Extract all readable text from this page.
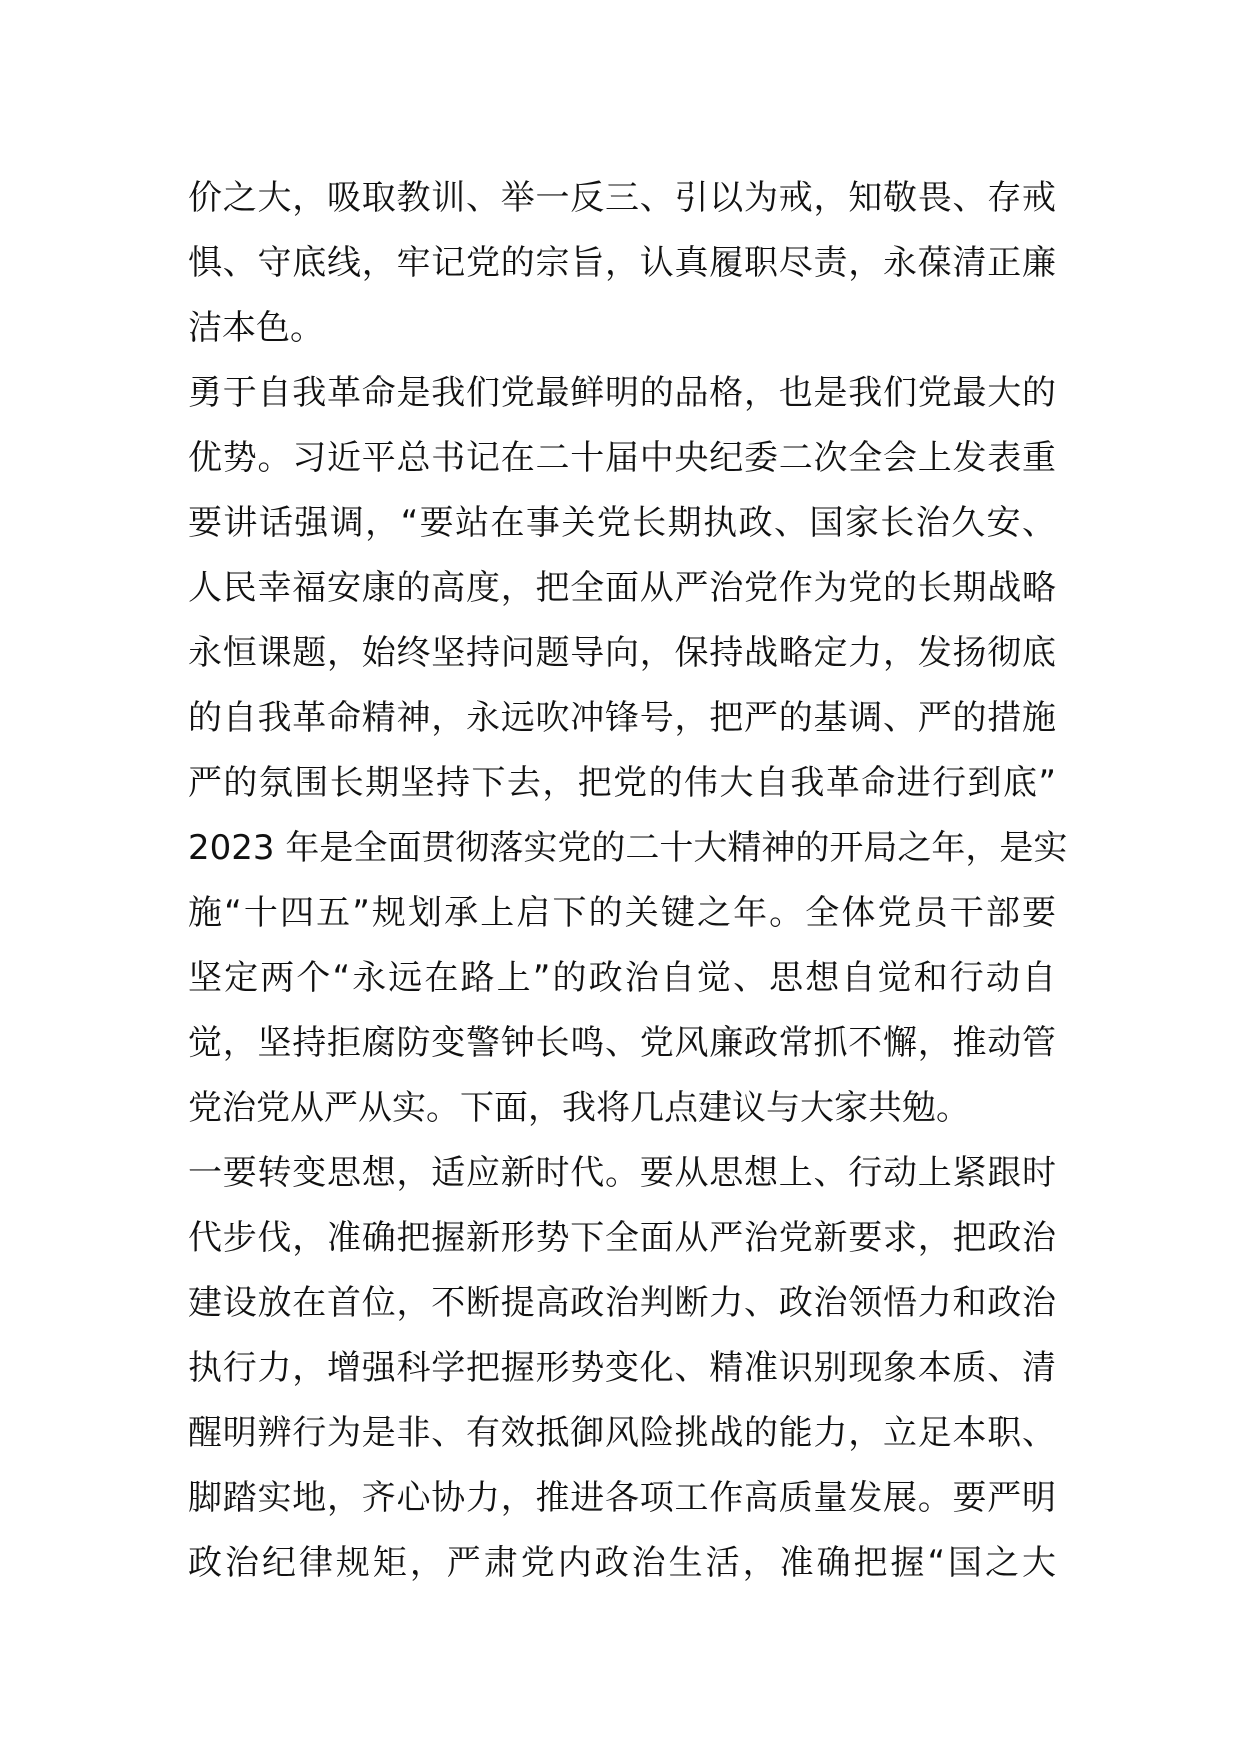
价之大，吸取教训、举一反三、引以为戒，知敬畏、存戒
惧、守底线，牢记党的宗旨，认真履职尽责，永葆清正廉
洁本色。
勇于自我革命是我们党最鲜明的品格，也是我们党最大的
优势。习近平总书记在二十届中央纪委二次全会上发表重
要讲话强调，“要站在事关党长期执政、国家长治久安、
人民幸福安康的高度，把全面从严治党作为党的长期战略
永恒课题，始终坚持问题导向，保持战略定力，发扬彻底
的自我革命精神，永远吹冲锋号，把严的基调、严的措施
严的氛围长期坚持下去，把党的伟大自我革命进行到底”
2023 年是全面贯彻落实党的二十大精神的开局之年，是实
施“十四五”规划承上启下的关键之年。全体党员干部要
坚定两个“永远在路上”的政治自觉、思想自觉和行动自
觉，坚持拒腐防变警钟长鸣、党风廉政常抓不懈，推动管
党治党从严从实。下面，我将几点建议与大家共勉。
一要转变思想，适应新时代。要从思想上、行动上紧跟时
代步伐，准确把握新形势下全面从严治党新要求，把政治
建设放在首位，不断提高政治判断力、政治领悟力和政治
执行力，增强科学把握形势变化、精准识别现象本质、清
醒明辨行为是非、有效抵御风险挑战的能力，立足本职、
脚踏实地，齐心协力，推进各项工作高质量发展。要严明
政治纪律规矩，严肃党内政治生活，准确把握“国之大
